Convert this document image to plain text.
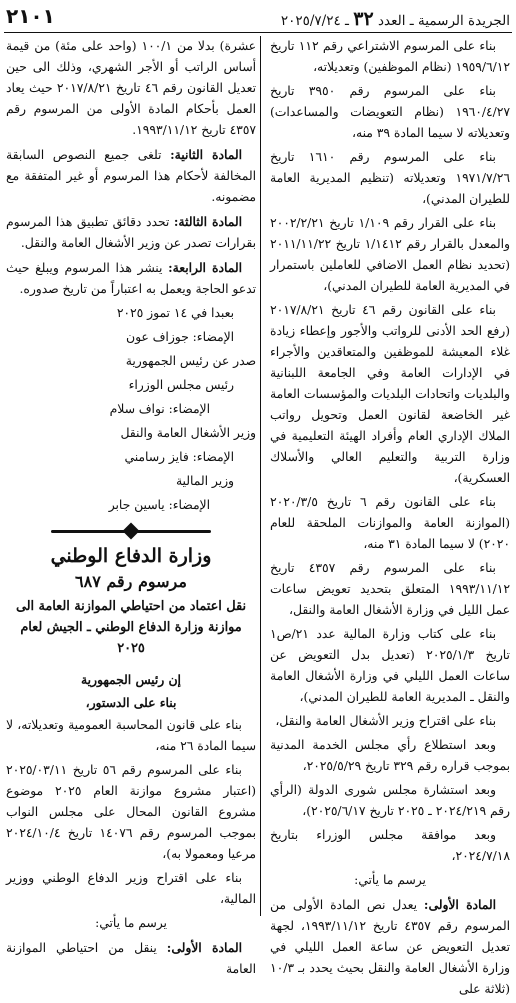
٢١٠١	الجريدة الرسمية ـ العدد ٣٢ ـ ٢٠٢٥/٧/٢٤

بناء على المرسوم الاشتراعي رقم ١١٢ تاريخ ١٩٥٩/٦/١٢ (نظام الموظفين) وتعديلاته،

بناء على المرسوم رقم ٣٩٥٠ تاريخ ١٩٦٠/٤/٢٧ (نظام التعويضات والمساعدات) وتعديلاته لا سيما المادة ٣٩ منه،

بناء على المرسوم رقم ١٦١٠ تاريخ ١٩٧١/٧/٢٦ وتعديلاته (تنظيم المديرية العامة للطيران المدني)،

بناء على القرار رقم ١/١٠٩ تاريخ ٢٠٠٢/٢/٢١ والمعدل بالقرار رقم ١/١٤١٢ تاريخ ٢٠١١/١١/٢٢ (تحديد نظام العمل الاضافي للعاملين باستمرار في المديرية العامة للطيران المدني)،

بناء على القانون رقم ٤٦ تاريخ ٢٠١٧/٨/٢١ (رفع الحد الأدنى للرواتب والأجور وإعطاء زيادة غلاء المعيشة للموظفين والمتعاقدين والأجراء في الإدارات العامة وفي الجامعة اللبنانية والبلديات واتحادات البلديات والمؤسسات العامة غير الخاضعة لقانون العمل وتحويل رواتب الملاك الإداري العام وأفراد الهيئة التعليمية في وزارة التربية والتعليم العالي والأسلاك العسكرية)،

بناء على القانون رقم ٦ تاريخ ٢٠٢٠/٣/٥ (الموازنة العامة والموازنات الملحقة للعام ٢٠٢٠) لا سيما المادة ٣١ منه،

بناء على المرسوم رقم ٤٣٥٧ تاريخ ١٩٩٣/١١/١٢ المتعلق بتحديد تعويض ساعات عمل الليل في وزارة الأشغال العامة والنقل،

بناء على كتاب وزارة المالية عدد ٢١/ص١ تاريخ ٢٠٢٥/١/٣ (تعديل بدل التعويض عن ساعات العمل الليلي في وزارة الأشغال العامة والنقل ـ المديرية العامة للطيران المدني)،

بناء على اقتراح وزير الأشغال العامة والنقل،

وبعد استطلاع رأي مجلس الخدمة المدنية بموجب قراره رقم ٣٢٩ تاريخ ٢٠٢٥/٥/٢٩،

وبعد استشارة مجلس شورى الدولة (الرأي رقم ٢٠٢٤/٢١٩ ـ ٢٠٢٥ تاريخ ٢٠٢٥/٦/١٧)،

وبعد موافقة مجلس الوزراء بتاريخ ٢٠٢٤/٧/١٨،

يرسم ما يأتي:

المادة الأولى: يعدل نص المادة الأولى من المرسوم رقم ٤٣٥٧ تاريخ ١٩٩٣/١١/١٢، لجهة تعديل التعويض عن ساعة العمل الليلي في وزارة الأشغال العامة والنقل بحيث يحدد بـ ١٠/٣ (ثلاثة على

عشرة) بدلا من ١٠٠/١ (واحد على مئة) من قيمة أساس الراتب أو الأجر الشهري، وذلك الى حين تعديل القانون رقم ٤٦ تاريخ ٢٠١٧/٨/٢١ حيث يعاد العمل بأحكام المادة الأولى من المرسوم رقم ٤٣٥٧ تاريخ ١٩٩٣/١١/١٢.

المادة الثانية: تلغى جميع النصوص السابقة المخالفة لأحكام هذا المرسوم أو غير المتفقة مع مضمونه.

المادة الثالثة: تحدد دقائق تطبيق هذا المرسوم بقرارات تصدر عن وزير الأشغال العامة والنقل.

المادة الرابعة: ينشر هذا المرسوم ويبلغ حيث تدعو الحاجة ويعمل به اعتباراً من تاريخ صدوره.

بعبدا في ١٤ تموز ٢٠٢٥

الإمضاء: جوزاف عون

صدر عن رئيس الجمهورية

رئيس مجلس الوزراء

الإمضاء: نواف سلام

وزير الأشغال العامة والنقل

الإمضاء: فايز رسامني

وزير المالية

الإمضاء: ياسين جابر

وزارة الدفاع الوطني
مرسوم رقم ٦٨٧
نقل اعتماد من احتياطي الموازنة العامة الى موازنة وزارة الدفاع الوطني ـ الجيش لعام ٢٠٢٥
إن رئيس الجمهورية
بناء على الدستور،

بناء على قانون المحاسبة العمومية وتعديلاته، لا سيما المادة ٢٦ منه،

بناء على المرسوم رقم ٥٦ تاريخ ٢٠٢٥/٠٣/١١ (اعتبار مشروع موازنة العام ٢٠٢٥ موضوع مشروع القانون المحال على مجلس النواب بموجب المرسوم رقم ١٤٠٧٦ تاريخ ٢٠٢٤/١٠/٤ مرعيا ومعمولا به)،

بناء على اقتراح وزير الدفاع الوطني ووزير المالية،

يرسم ما يأتي:

المادة الأولى: ينقل من احتياطي الموازنة العامة
